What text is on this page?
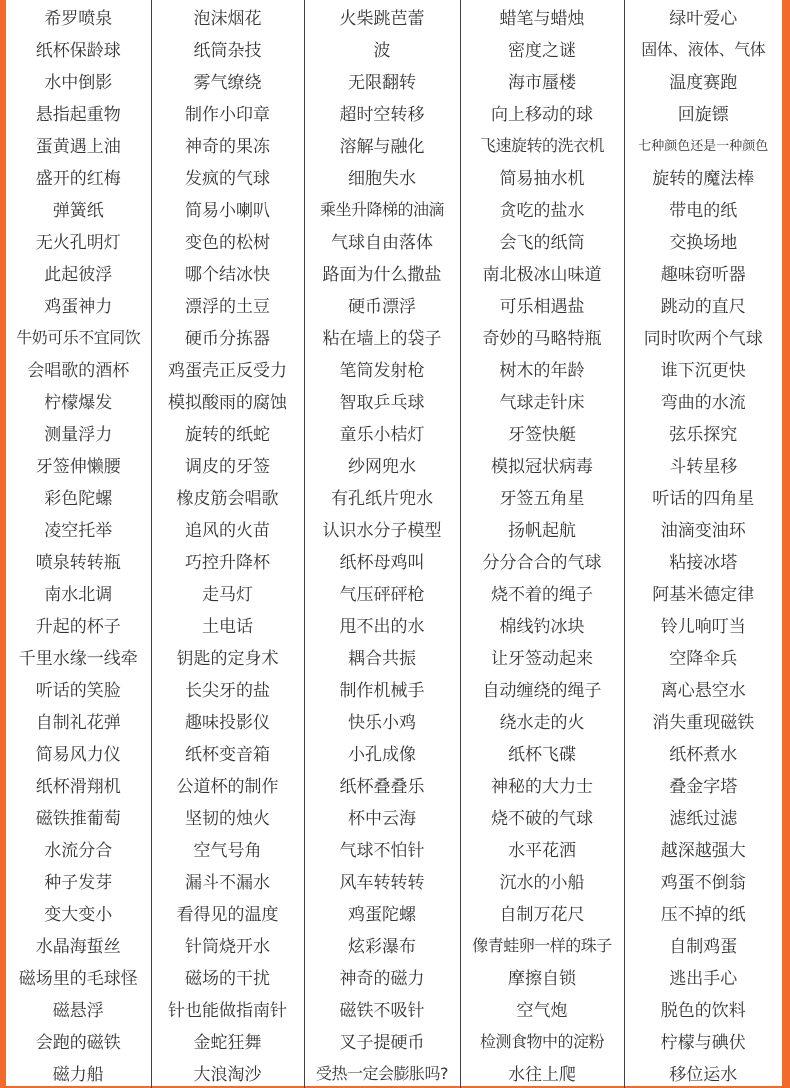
希罗喷泉	泡沫烟花	火柴跳芭蕾	蜡笔与蜡烛	绿叶爱心
纸杯保龄球	纸筒杂技	波	密度之谜	固体、液体、气体
水中倒影	雾气缭绕	无限翻转	海市蜃楼	温度赛跑
悬指起重物	制作小印章	超时空转移	向上移动的球	回旋镖
蛋黄遇上油	神奇的果冻	溶解与融化	飞速旋转的洗衣机	七种颜色还是一种颜色
盛开的红梅	发疯的气球	细胞失水	简易抽水机	旋转的魔法棒
弹簧纸	简易小喇叭	乘坐升降梯的油滴	贪吃的盐水	带电的纸
无火孔明灯	变色的松树	气球自由落体	会飞的纸筒	交换场地
此起彼浮	哪个结冰快	路面为什么撒盐	南北极冰山味道	趣味窃听器
鸡蛋神力	漂浮的土豆	硬币漂浮	可乐相遇盐	跳动的直尺
牛奶可乐不宜同饮	硬币分拣器	粘在墙上的袋子	奇妙的马略特瓶	同时吹两个气球
会唱歌的酒杯	鸡蛋壳正反受力	笔筒发射枪	树木的年龄	谁下沉更快
柠檬爆发	模拟酸雨的腐蚀	智取乒乓球	气球走针床	弯曲的水流
测量浮力	旋转的纸蛇	童乐小桔灯	牙签快艇	弦乐探究
牙签伸懒腰	调皮的牙签	纱网兜水	模拟冠状病毒	斗转星移
彩色陀螺	橡皮筋会唱歌	有孔纸片兜水	牙签五角星	听话的四角星
凌空托举	追风的火苗	认识水分子模型	扬帆起航	油滴变油环
喷泉转转瓶	巧控升降杯	纸杯母鸡叫	分分合合的气球	粘接冰塔
南水北调	走马灯	气压砰砰枪	烧不着的绳子	阿基米德定律
升起的杯子	土电话	甩不出的水	棉线钓冰块	铃儿响叮当
千里水缘一线牵	钥匙的定身术	耦合共振	让牙签动起来	空降伞兵
听话的笑脸	长尖牙的盐	制作机械手	自动缠绕的绳子	离心悬空水
自制礼花弹	趣味投影仪	快乐小鸡	绕水走的火	消失重现磁铁
简易风力仪	纸杯变音箱	小孔成像	纸杯飞碟	纸杯煮水
纸杯滑翔机	公道杯的制作	纸杯叠叠乐	神秘的大力士	叠金字塔
磁铁推葡萄	坚韧的烛火	杯中云海	烧不破的气球	滤纸过滤
水流分合	空气号角	气球不怕针	水平花洒	越深越强大
种子发芽	漏斗不漏水	风车转转转	沉水的小船	鸡蛋不倒翁
变大变小	看得见的温度	鸡蛋陀螺	自制万花尺	压不掉的纸
水晶海蜇丝	针筒烧开水	炫彩瀑布	像青蛙卵一样的珠子	自制鸡蛋
磁场里的毛球怪	磁场的干扰	神奇的磁力	摩擦自锁	逃出手心
磁悬浮	针也能做指南针	磁铁不吸针	空气炮	脱色的饮料
会跑的磁铁	金蛇狂舞	叉子提硬币	检测食物中的淀粉	柠檬与碘伏
磁力船	大浪淘沙	受热一定会膨胀吗?	水往上爬	移位运水
